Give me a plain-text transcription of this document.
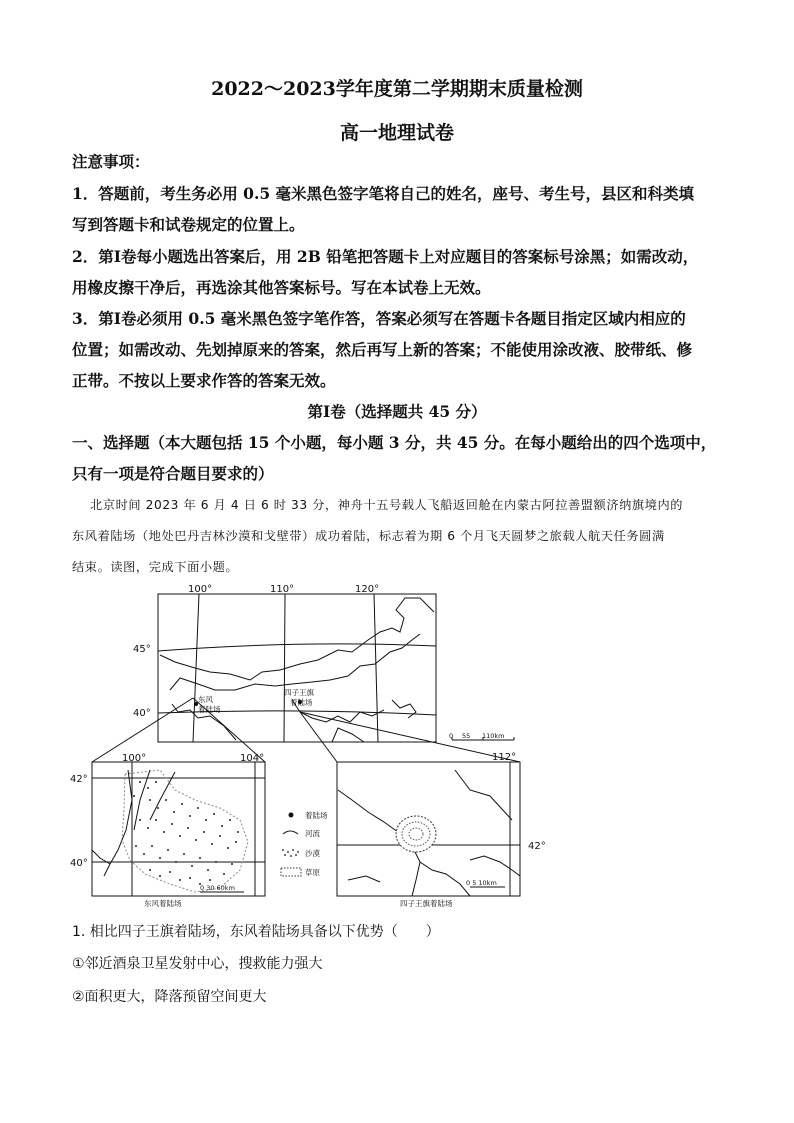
2022～2023学年度第二学期期末质量检测
高一地理试卷
注意事项：
1．答题前，考生务必用 0.5 毫米黑色签字笔将自己的姓名，座号、考生号，县区和科类填
写到答题卡和试卷规定的位置上。
2．第Ⅰ卷每小题选出答案后，用 2B 铅笔把答题卡上对应题目的答案标号涂黑；如需改动，
用橡皮擦干净后，再选涂其他答案标号。写在本试卷上无效。
3．第Ⅰ卷必须用 0.5 毫米黑色签字笔作答，答案必须写在答题卡各题目指定区域内相应的
位置；如需改动、先划掉原来的答案，然后再写上新的答案；不能使用涂改液、胶带纸、修
正带。不按以上要求作答的答案无效。
第Ⅰ卷（选择题共 45 分）
一、选择题（本大题包括 15 个小题，每小题 3 分，共 45 分。在每小题给出的四个选项中，
只有一项是符合题目要求的）
北京时间 2023 年 6 月 4 日 6 时 33 分，神舟十五号载人飞船返回舱在内蒙古阿拉善盟额济纳旗境内的
东风着陆场（地处巴丹吉林沙漠和戈壁带）成功着陆，标志着为期 6 个月飞天圆梦之旅载人航天任务圆满
结束。读图，完成下面小题。
100°	110°	120°
45°
40°
东风
着陆场
四子王旗
着陆场
0 55 110km
100°	104°
42°
40°
0 30 60km
东风着陆场
112°
42°
0 5 10km
四子王旗着陆场
着陆场
河流
沙漠
草原
1. 相比四子王旗着陆场，东风着陆场具备以下优势（　　）
①邻近酒泉卫星发射中心，搜救能力强大
②面积更大，降落预留空间更大
